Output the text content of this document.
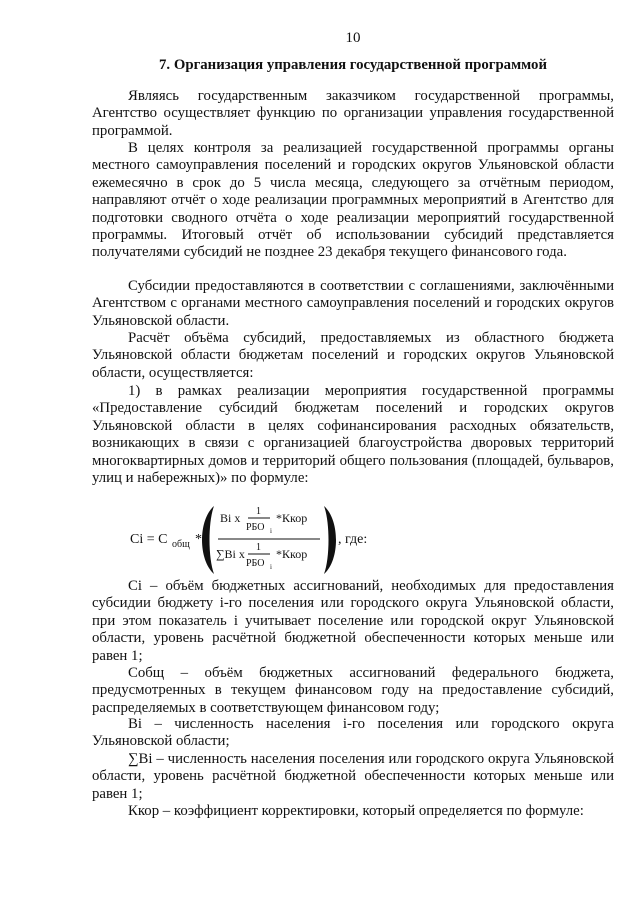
10
7. Организация управления государственной программой

Являясь государственным заказчиком государственной программы, Агентство осуществляет функцию по организации управления государственной программой.

В целях контроля за реализацией государственной программы органы местного самоуправления поселений и городских округов Ульяновской области ежемесячно в срок до 5 числа месяца, следующего за отчётным периодом, направляют отчёт о ходе реализации программных мероприятий в Агентство для подготовки сводного отчёта о ходе реализации мероприятий государственной программы. Итоговый отчёт об использовании субсидий представляется получателями субсидий не позднее 23 декабря текущего финансового года.

Субсидии предоставляются в соответствии с соглашениями, заключёнными Агентством с органами местного самоуправления поселений и городских округов Ульяновской области.

Расчёт объёма субсидий, предоставляемых из областного бюджета Ульяновской области бюджетам поселений и городских округов Ульяновской области, осуществляется:

1) в рамках реализации мероприятия государственной программы «Предоставление субсидий бюджетам поселений и городских округов Ульяновской области в целях софинансирования расходных обязательств, возникающих в связи с организацией благоустройства дворовых территорий многоквартирных домов и территорий общего пользования (площадей, бульваров, улиц и набережных)» по формуле:

Ci = C общ *
Bi x 1
РБО i
*Ккор
∑Bi x 1
РБО i
*Ккор
, где:

Ci – объём бюджетных ассигнований, необходимых для предоставления субсидии бюджету i-го поселения или городского округа Ульяновской области, при этом показатель i учитывает поселение или городской округ Ульяновской области, уровень расчётной бюджетной обеспеченности которых меньше или равен 1;

Cобщ – объём бюджетных ассигнований федерального бюджета, предусмотренных в текущем финансовом году на предоставление субсидий, распределяемых в соответствующем финансовом году;

Bi – численность населения i-го поселения или городского округа Ульяновской области;

∑Bi – численность населения поселения или городского округа Ульяновской области, уровень расчётной бюджетной обеспеченности которых меньше или равен 1;

Ккор – коэффициент корректировки, который определяется по формуле:
